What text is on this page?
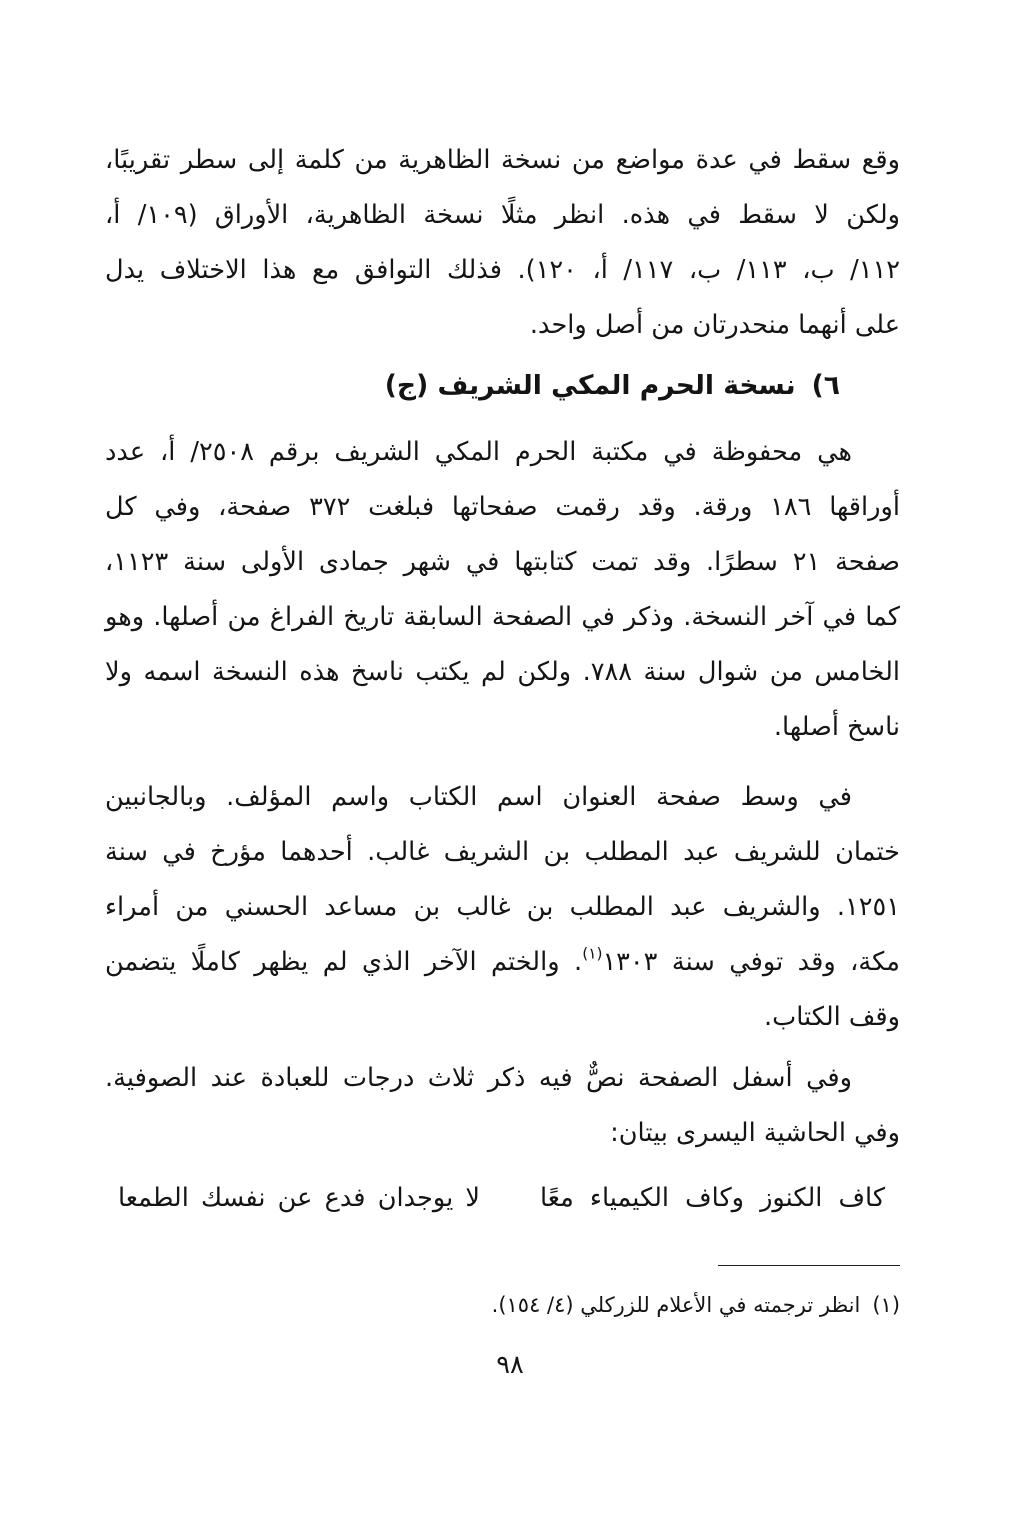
وقع سقط في عدة مواضع من نسخة الظاهرية من كلمة إلى سطر تقريبًا،
ولكن لا سقط في هذه. انظر مثلًا نسخة الظاهرية، الأوراق (١٠٩/ أ،
١١٢/ ب، ١١٣/ ب، ١١٧/ أ، ١٢٠). فذلك التوافق مع هذا الاختلاف يدل
على أنهما منحدرتان من أصل واحد.
٦)نسخة الحرم المكي الشريف (ج)
هي محفوظة في مكتبة الحرم المكي الشريف برقم ٢٥٠٨/ أ، عدد
أوراقها ١٨٦ ورقة. وقد رقمت صفحاتها فبلغت ٣٧٢ صفحة، وفي كل
صفحة ٢١ سطرًا. وقد تمت كتابتها في شهر جمادى الأولى سنة ١١٢٣،
كما في آخر النسخة. وذكر في الصفحة السابقة تاريخ الفراغ من أصلها. وهو
الخامس من شوال سنة ٧٨٨. ولكن لم يكتب ناسخ هذه النسخة اسمه ولا
ناسخ أصلها.
في وسط صفحة العنوان اسم الكتاب واسم المؤلف. وبالجانبين
ختمان للشريف عبد المطلب بن الشريف غالب. أحدهما مؤرخ في سنة
١٢٥١. والشريف عبد المطلب بن غالب بن مساعد الحسني من أمراء
مكة، وقد توفي سنة ١٣٠٣$^{(١)}$. والختم الآخر الذي لم يظهر كاملًا يتضمن
وقف الكتاب.
وفي أسفل الصفحة نصٌّ فيه ذكر ثلاث درجات للعبادة عند الصوفية.
وفي الحاشية اليسرى بيتان:
كاف الكنوز وكاف الكيمياء معًا
لا يوجدان فدع عن نفسك الطمعا
(١)انظر ترجمته في الأعلام للزركلي (٤/ ١٥٤).
٩٨
